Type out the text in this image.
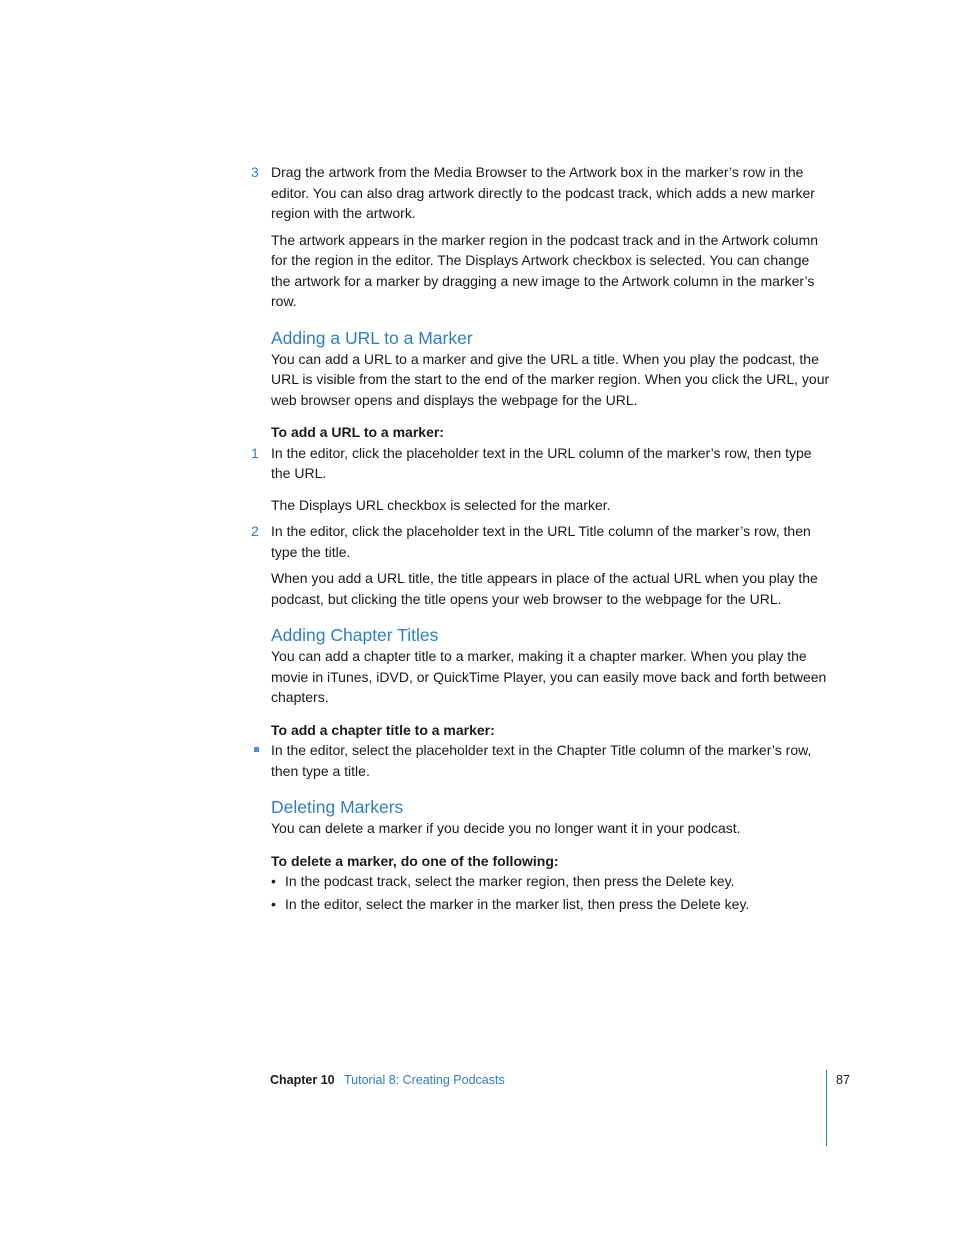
3 Drag the artwork from the Media Browser to the Artwork box in the marker’s row in the editor. You can also drag artwork directly to the podcast track, which adds a new marker region with the artwork.

The artwork appears in the marker region in the podcast track and in the Artwork column for the region in the editor. The Displays Artwork checkbox is selected. You can change the artwork for a marker by dragging a new image to the Artwork column in the marker’s row.

Adding a URL to a Marker

You can add a URL to a marker and give the URL a title. When you play the podcast, the URL is visible from the start to the end of the marker region. When you click the URL, your web browser opens and displays the webpage for the URL.

To add a URL to a marker:

1 In the editor, click the placeholder text in the URL column of the marker’s row, then type the URL.

The Displays URL checkbox is selected for the marker.

2 In the editor, click the placeholder text in the URL Title column of the marker’s row, then type the title.

When you add a URL title, the title appears in place of the actual URL when you play the podcast, but clicking the title opens your web browser to the webpage for the URL.

Adding Chapter Titles

You can add a chapter title to a marker, making it a chapter marker. When you play the movie in iTunes, iDVD, or QuickTime Player, you can easily move back and forth between chapters.

To add a chapter title to a marker:

In the editor, select the placeholder text in the Chapter Title column of the marker’s row, then type a title.

Deleting Markers

You can delete a marker if you decide you no longer want it in your podcast.

To delete a marker, do one of the following:

• In the podcast track, select the marker region, then press the Delete key.

• In the editor, select the marker in the marker list, then press the Delete key.

Chapter 10 Tutorial 8: Creating Podcasts	87
